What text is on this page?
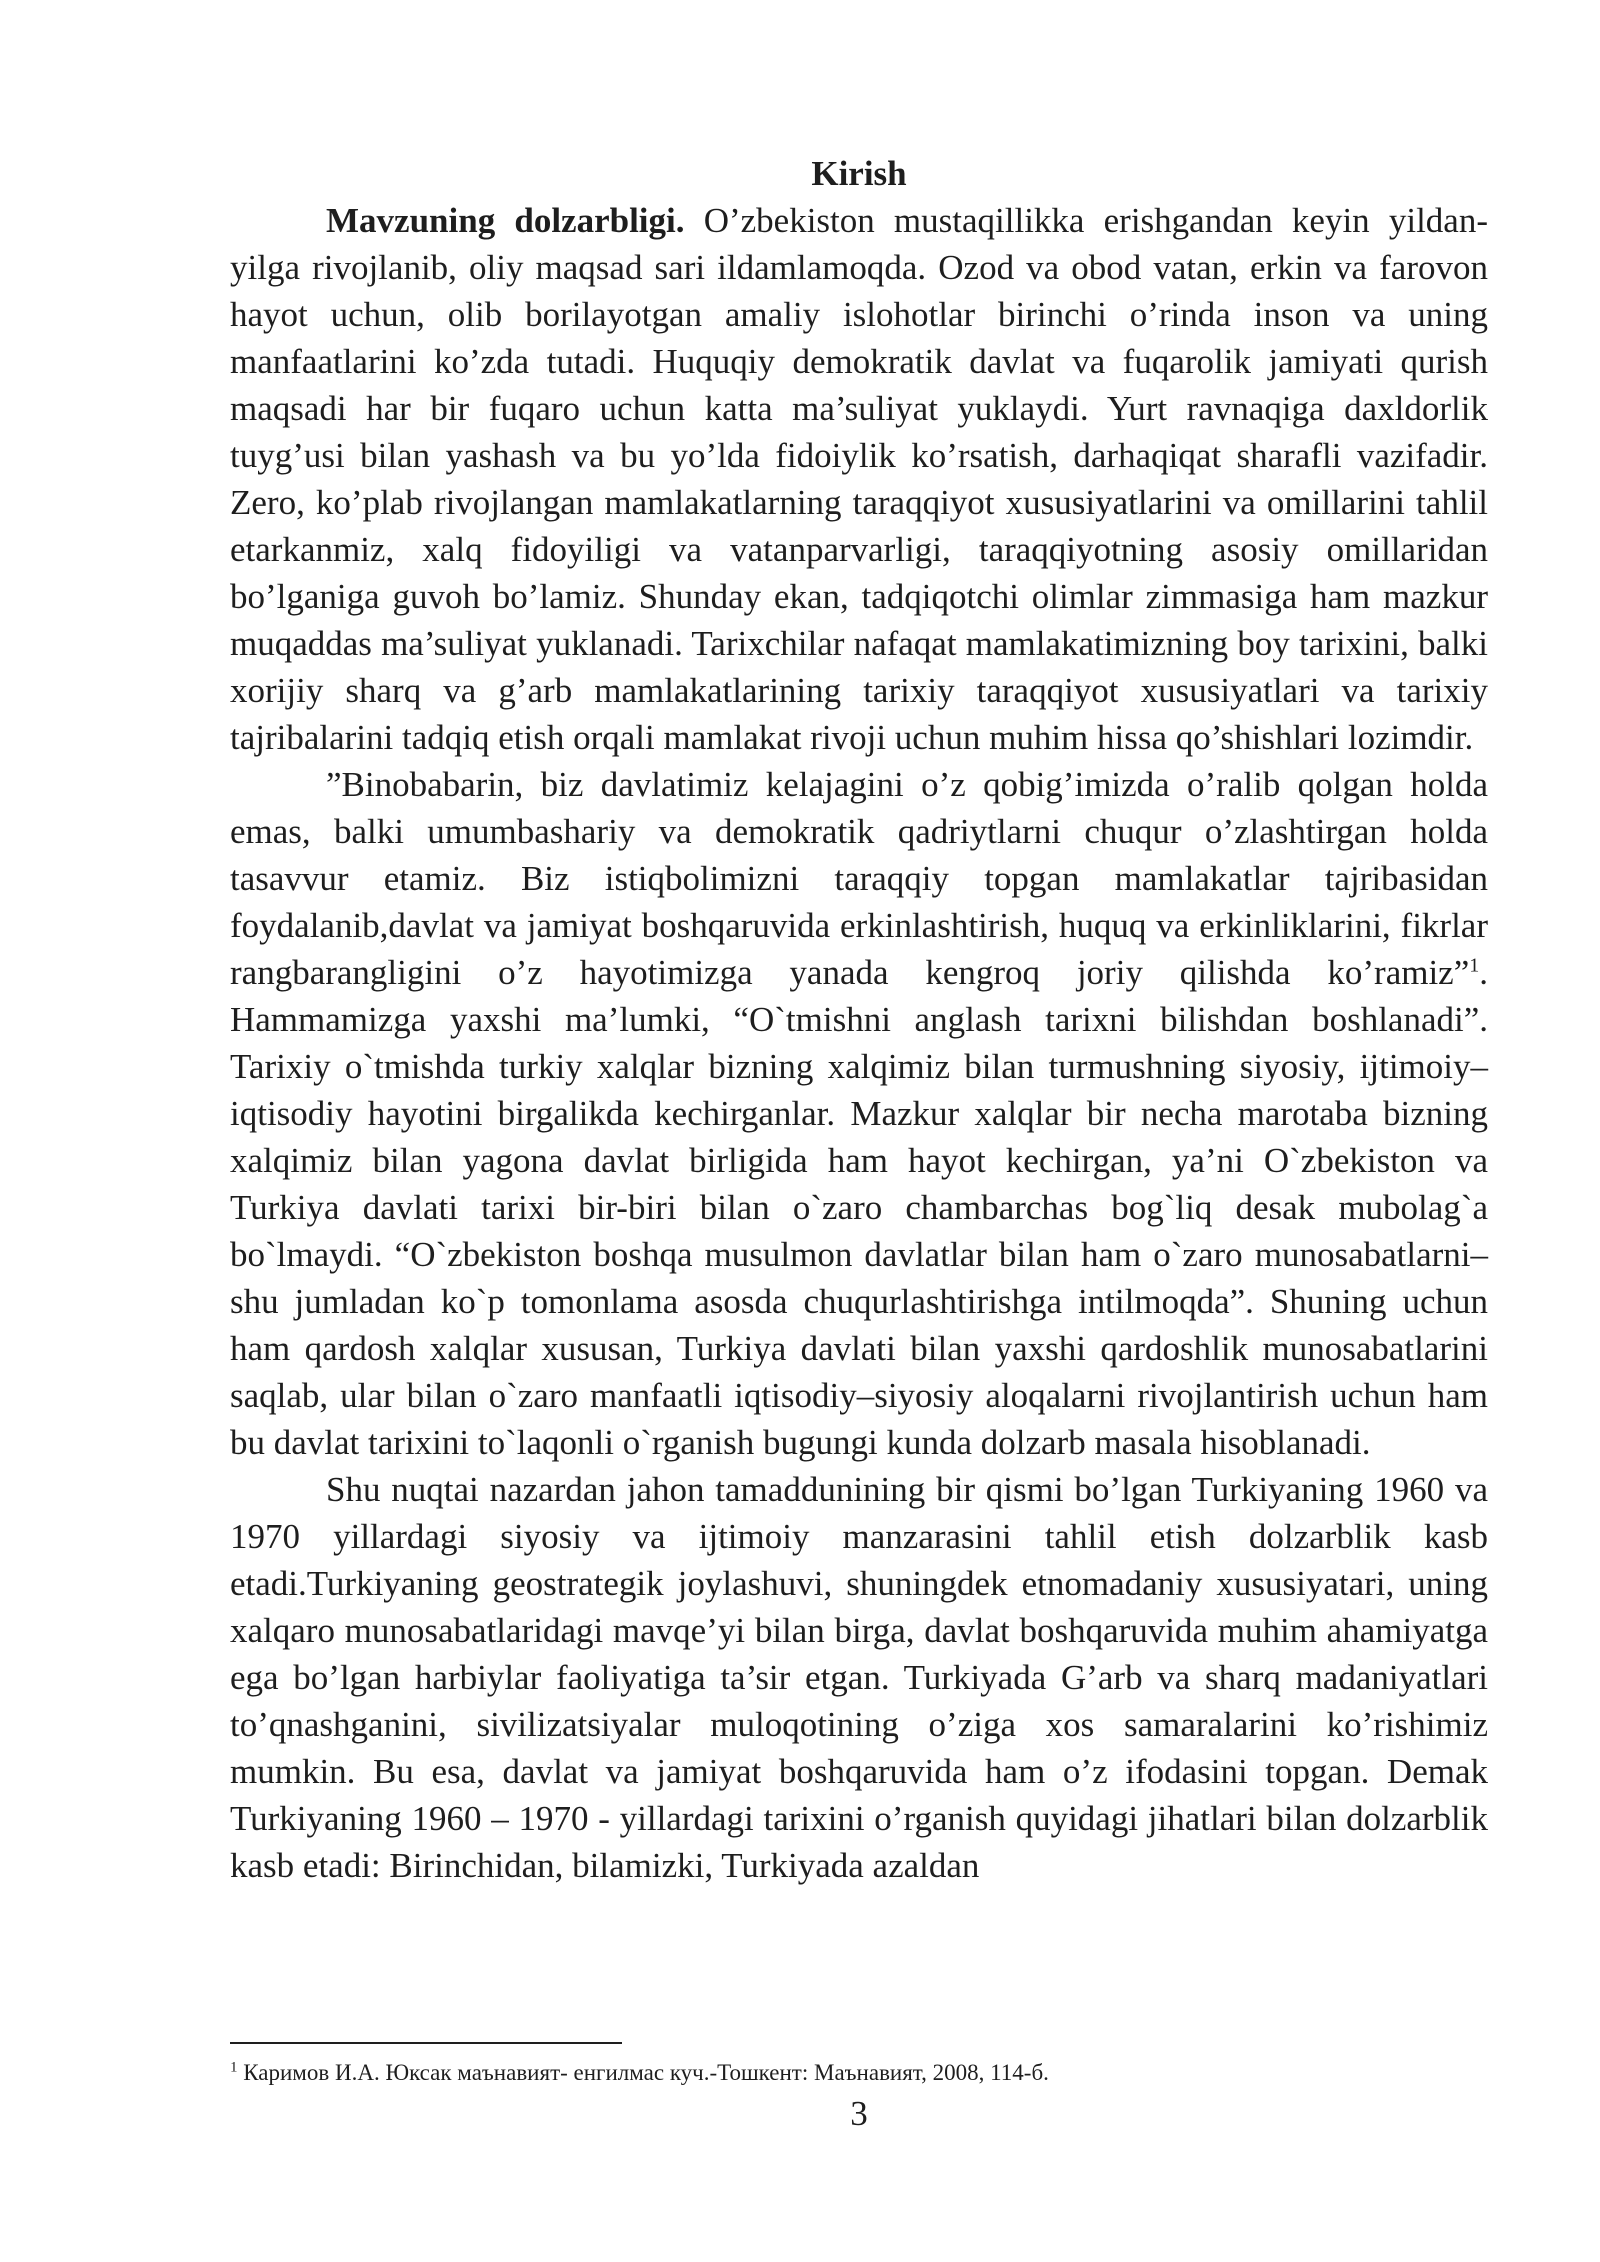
Kirish

Mavzuning dolzarbligi. O’zbekiston mustaqillikka erishgandan keyin yildan- yilga rivojlanib, oliy maqsad sari ildamlamoqda. Ozod va obod vatan, erkin va farovon hayot uchun, olib borilayotgan amaliy islohotlar birinchi o’rinda inson va uning manfaatlarini ko’zda tutadi. Huquqiy demokratik davlat va fuqarolik jamiyati qurish maqsadi har bir fuqaro uchun katta ma’suliyat yuklaydi. Yurt ravnaqiga daxldorlik tuyg’usi bilan yashash va bu yo’lda fidoiylik ko’rsatish, darhaqiqat sharafli vazifadir. Zero, ko’plab rivojlangan mamlakatlarning taraqqiyot xususiyatlarini va omillarini tahlil etarkanmiz, xalq fidoyiligi va vatanparvarligi, taraqqiyotning asosiy omillaridan bo’lganiga guvoh bo’lamiz. Shunday ekan, tadqiqotchi olimlar zimmasiga ham mazkur muqaddas ma’suliyat yuklanadi. Tarixchilar nafaqat mamlakatimizning boy tarixini, balki xorijiy sharq va g’arb mamlakatlarining tarixiy taraqqiyot xususiyatlari va tarixiy tajribalarini tadqiq etish orqali mamlakat rivoji uchun muhim hissa qo’shishlari lozimdir.

”Binobabarin, biz davlatimiz kelajagini o’z qobig’imizda o’ralib qolgan holda emas, balki umumbashariy va demokratik qadriytlarni chuqur o’zlashtirgan holda tasavvur etamiz. Biz istiqbolimizni taraqqiy topgan mamlakatlar tajribasidan foydalanib,davlat va jamiyat boshqaruvida erkinlashtirish, huquq va erkinliklarini, fikrlar rangbarangligini o’z hayotimizga yanada kengroq joriy qilishda ko’ramiz”$^1$. Hammamizga yaxshi ma’lumki, “O`tmishni anglash tarixni bilishdan boshlanadi”. Tarixiy o`tmishda turkiy xalqlar bizning xalqimiz bilan turmushning siyosiy, ijtimoiy–iqtisodiy hayotini birgalikda kechirganlar. Mazkur xalqlar bir necha marotaba bizning xalqimiz bilan yagona davlat birligida ham hayot kechirgan, ya’ni O`zbekiston va Turkiya davlati tarixi bir-biri bilan o`zaro chambarchas bog`liq desak mubolag`a bo`lmaydi. “O`zbekiston boshqa musulmon davlatlar bilan ham o`zaro munosabatlarni–shu jumladan ko`p tomonlama asosda chuqurlashtirishga intilmoqda”. Shuning uchun ham qardosh xalqlar xususan, Turkiya davlati bilan yaxshi qardoshlik munosabatlarini saqlab, ular bilan o`zaro manfaatli iqtisodiy–siyosiy aloqalarni rivojlantirish uchun ham bu davlat tarixini to`laqonli o`rganish bugungi kunda dolzarb masala hisoblanadi.

Shu nuqtai nazardan jahon tamaddunining bir qismi bo’lgan Turkiyaning 1960 va 1970 yillardagi siyosiy va ijtimoiy manzarasini tahlil etish dolzarblik kasb etadi.Turkiyaning geostrategik joylashuvi, shuningdek etnomadaniy xususiyatari, uning xalqaro munosabatlaridagi mavqe’yi bilan birga, davlat boshqaruvida muhim ahamiyatga ega bo’lgan harbiylar faoliyatiga ta’sir etgan. Turkiyada G’arb va sharq madaniyatlari to’qnashganini, sivilizatsiyalar muloqotining o’ziga xos samaralarini ko’rishimiz mumkin. Bu esa, davlat va jamiyat boshqaruvida ham o’z ifodasini topgan. Demak Turkiyaning 1960 – 1970 - yillardagi tarixini o’rganish quyidagi jihatlari bilan dolzarblik kasb etadi: Birinchidan, bilamizki, Turkiyada azaldan

$^1$ Каримов И.А. Юксак маънавият- енгилмас куч.-Тошкент: Маънавият, 2008, 114-б.

3
